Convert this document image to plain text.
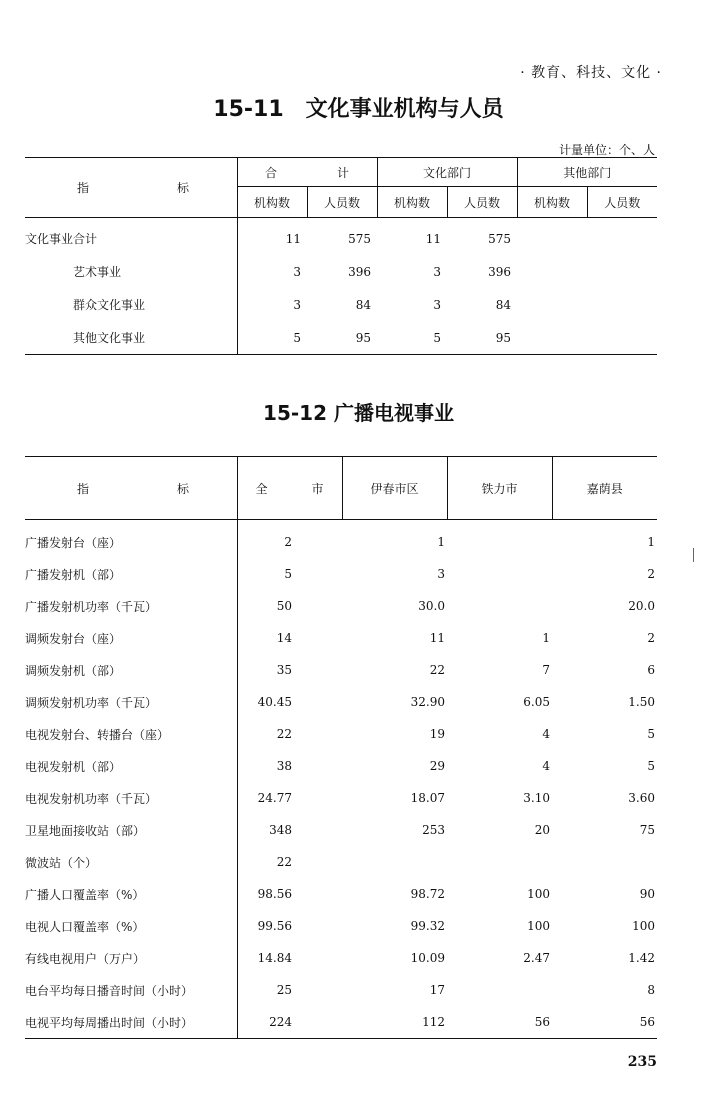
· 教育、科技、文化 ·
15-11 文化事业机构与人员
计量单位：个、人
指 标	合 计		文化部门		其他部门	
	机构数	人员数	机构数	人员数	机构数	人员数
文化事业合计	11	575	11	575		
艺术事业	3	396	3	396		
群众文化事业	3	84	3	84		
其他文化事业	5	95	5	95		
15-12 广播电视事业
指 标	全 市	伊春市区	铁力市	嘉荫县
广播发射台（座）	2	1		1
广播发射机（部）	5	3		2
广播发射机功率（千瓦）	50	30.0		20.0
调频发射台（座）	14	11	1	2
调频发射机（部）	35	22	7	6
调频发射机功率（千瓦）	40.45	32.90	6.05	1.50
电视发射台、转播台（座）	22	19	4	5
电视发射机（部）	38	29	4	5
电视发射机功率（千瓦）	24.77	18.07	3.10	3.60
卫星地面接收站（部）	348	253	20	75
微波站（个）	22			
广播人口覆盖率（%）	98.56	98.72	100	90
电视人口覆盖率（%）	99.56	99.32	100	100
有线电视用户（万户）	14.84	10.09	2.47	1.42
电台平均每日播音时间（小时）	25	17		8
电视平均每周播出时间（小时）	224	112	56	56
235
